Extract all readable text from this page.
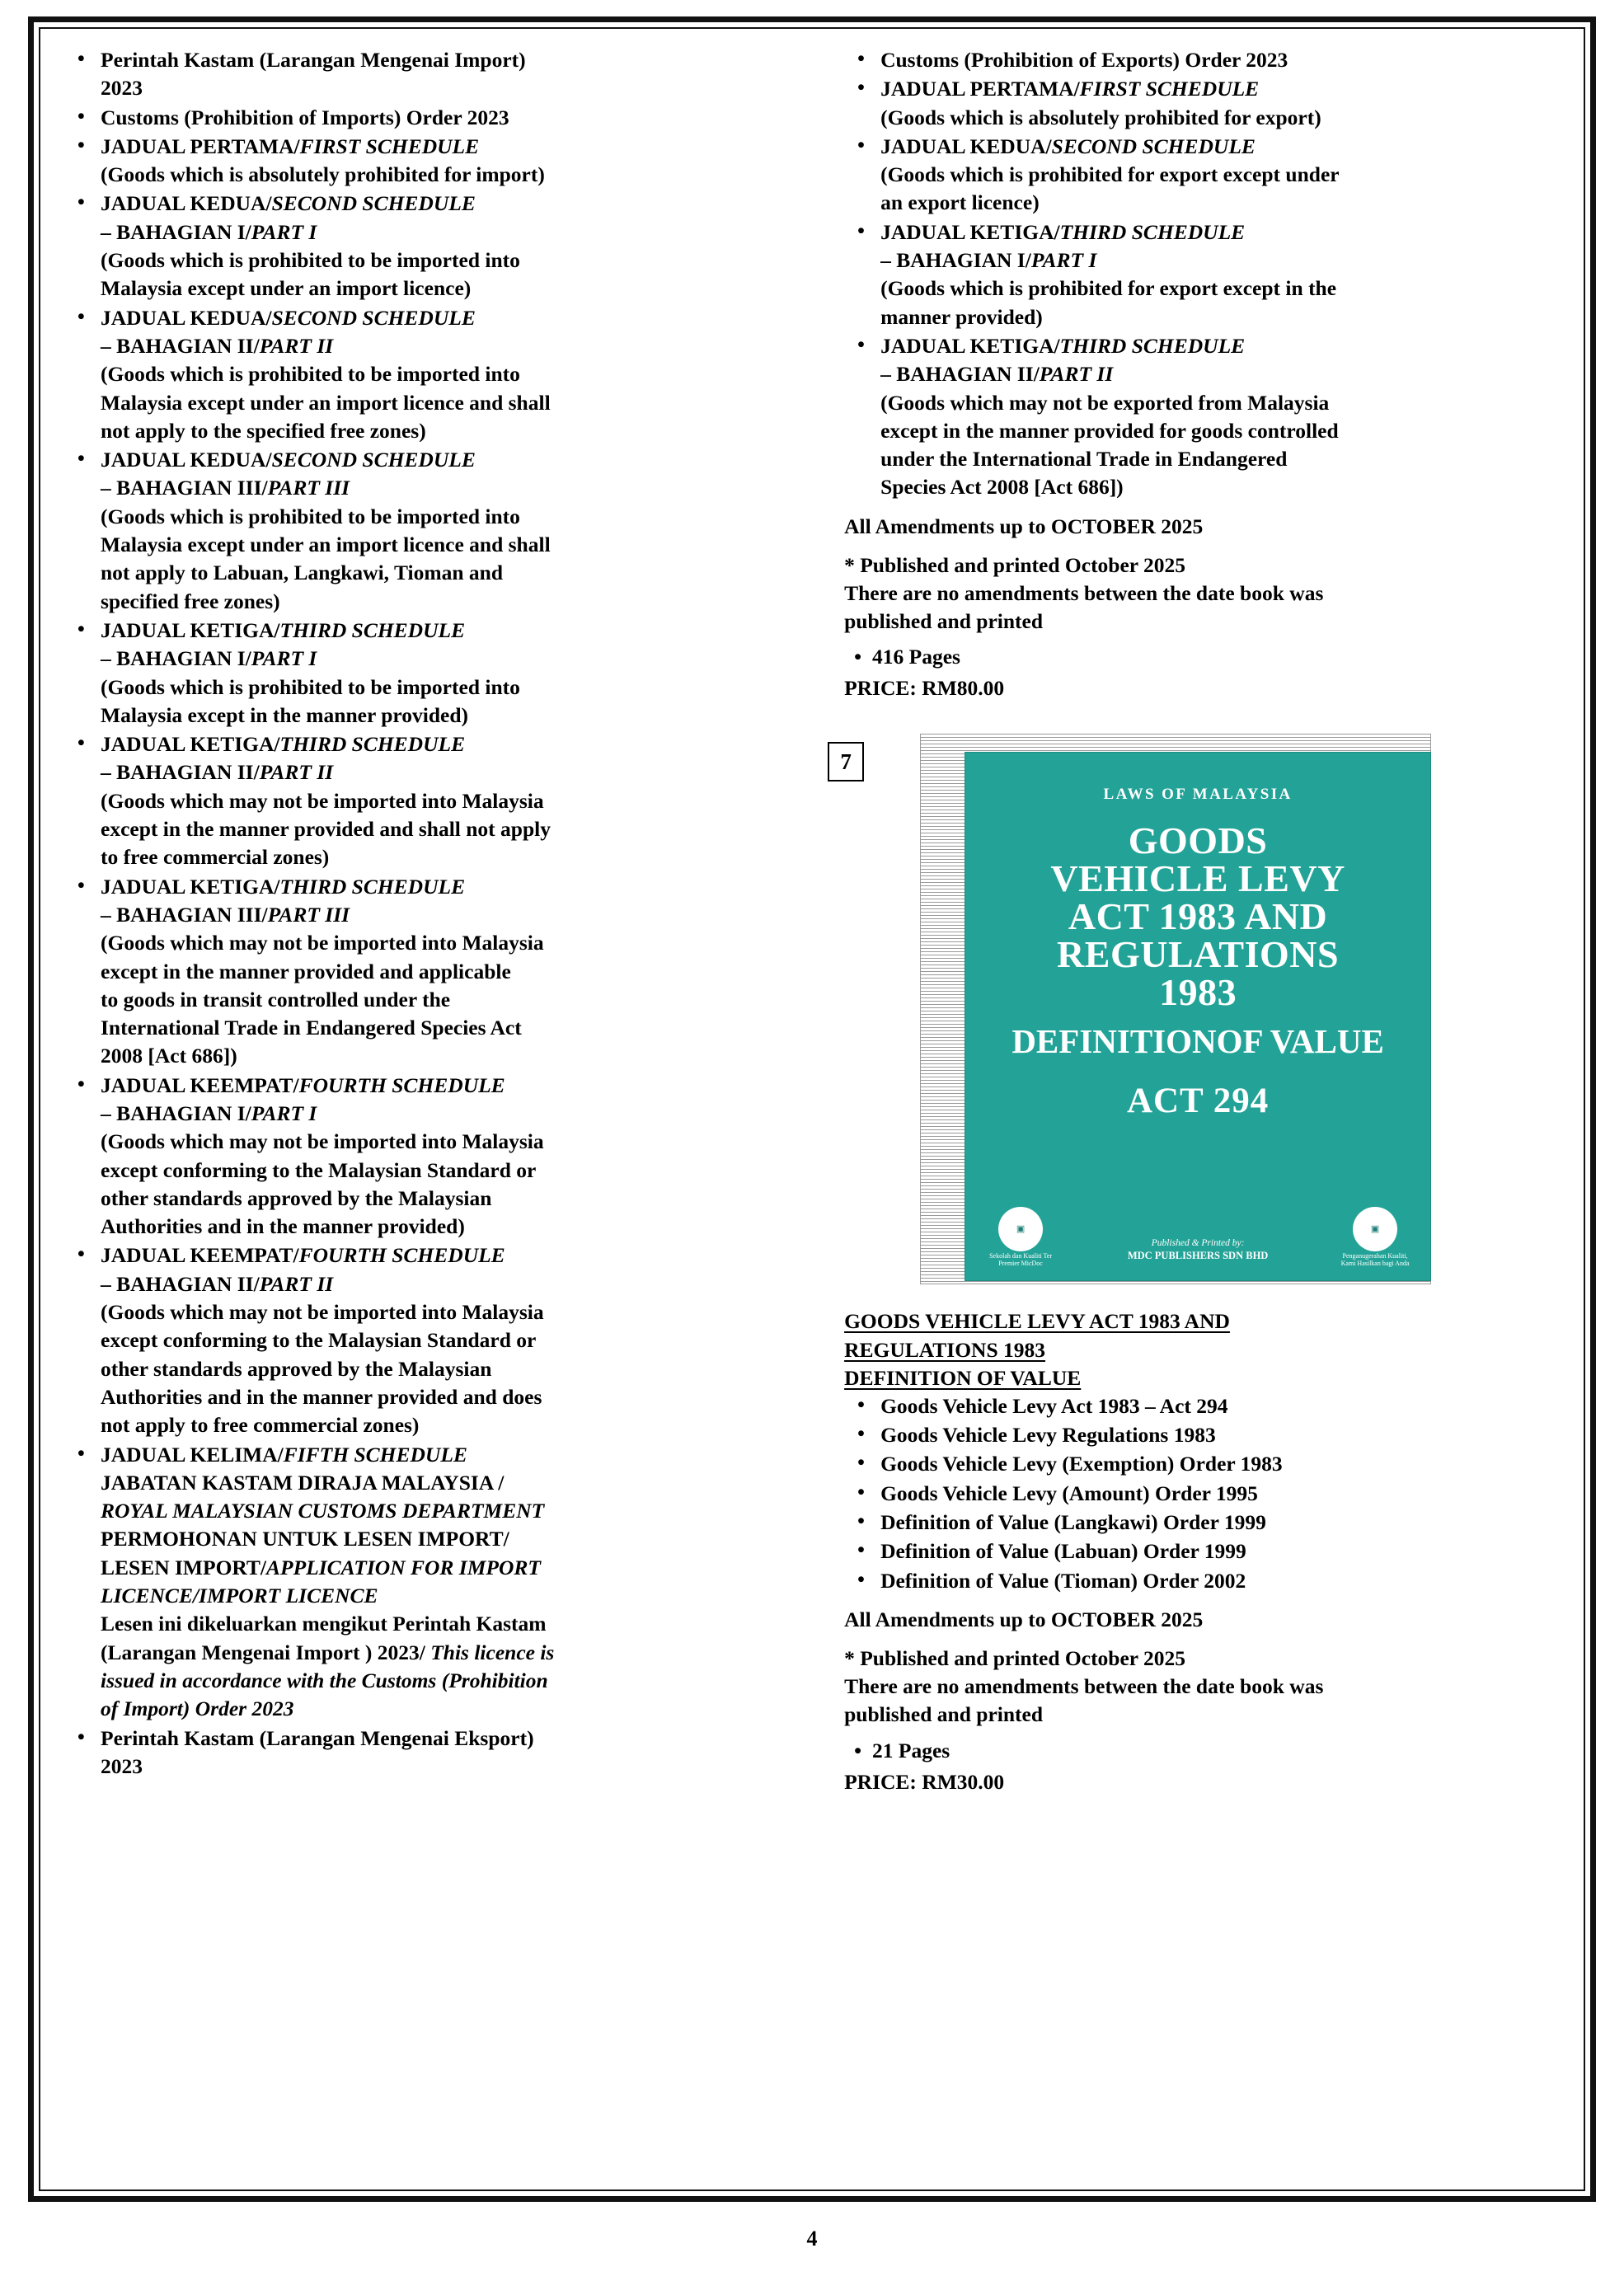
• Perintah Kastam (Larangan Mengenai Import)
2023
• Customs (Prohibition of Imports) Order 2023
• JADUAL PERTAMA/FIRST SCHEDULE
(Goods which is absolutely prohibited for import)
• JADUAL KEDUA/SECOND SCHEDULE
– BAHAGIAN I/PART I
(Goods which is prohibited to be imported into
Malaysia except under an import licence)
• JADUAL KEDUA/SECOND SCHEDULE
– BAHAGIAN II/PART II
(Goods which is prohibited to be imported into
Malaysia except under an import licence and shall
not apply to the specified free zones)
• JADUAL KEDUA/SECOND SCHEDULE
– BAHAGIAN III/PART III
(Goods which is prohibited to be imported into
Malaysia except under an import licence and shall
not apply to Labuan, Langkawi, Tioman and
specified free zones)
• JADUAL KETIGA/THIRD SCHEDULE
– BAHAGIAN I/PART I
(Goods which is prohibited to be imported into
Malaysia except in the manner provided)
• JADUAL KETIGA/THIRD SCHEDULE
– BAHAGIAN II/PART II
(Goods which may not be imported into Malaysia
except in the manner provided and shall not apply
to free commercial zones)
• JADUAL KETIGA/THIRD SCHEDULE
– BAHAGIAN III/PART III
(Goods which may not be imported into Malaysia
except in the manner provided and applicable
to goods in transit controlled under the
International Trade in Endangered Species Act
2008 [Act 686])
• JADUAL KEEMPAT/FOURTH SCHEDULE
– BAHAGIAN I/PART I
(Goods which may not be imported into Malaysia
except conforming to the Malaysian Standard or
other standards approved by the Malaysian
Authorities and in the manner provided)
• JADUAL KEEMPAT/FOURTH SCHEDULE
– BAHAGIAN II/PART II
(Goods which may not be imported into Malaysia
except conforming to the Malaysian Standard or
other standards approved by the Malaysian
Authorities and in the manner provided and does
not apply to free commercial zones)
• JADUAL KELIMA/FIFTH SCHEDULE
JABATAN KASTAM DIRAJA MALAYSIA /
ROYAL MALAYSIAN CUSTOMS DEPARTMENT
PERMOHONAN UNTUK LESEN IMPORT/
LESEN IMPORT/APPLICATION FOR IMPORT
LICENCE/IMPORT LICENCE
Lesen ini dikeluarkan mengikut Perintah Kastam
(Larangan Mengenai Import ) 2023/ This licence is
issued in accordance with the Customs (Prohibition
of Import) Order 2023
• Perintah Kastam (Larangan Mengenai Eksport)
2023
• Customs (Prohibition of Exports) Order 2023
• JADUAL PERTAMA/FIRST SCHEDULE
(Goods which is absolutely prohibited for export)
• JADUAL KEDUA/SECOND SCHEDULE
(Goods which is prohibited for export except under
an export licence)
• JADUAL KETIGA/THIRD SCHEDULE
– BAHAGIAN I/PART I
(Goods which is prohibited for export except in the
manner provided)
• JADUAL KETIGA/THIRD SCHEDULE
– BAHAGIAN II/PART II
(Goods which may not be exported from Malaysia
except in the manner provided for goods controlled
under the International Trade in Endangered
Species Act 2008 [Act 686])
All Amendments up to OCTOBER 2025
* Published and printed October 2025
There are no amendments between the date book was
published and printed
• 416 Pages
PRICE: RM80.00
7
LAWS OF MALAYSIA
GOODS
VEHICLE LEVY
ACT 1983 AND
REGULATIONS
1983
DEFINITIONOF VALUE
ACT 294
▣
Sekolah dan Kualiti Ter Premier MicDoc
Published & Printed by:
MDC PUBLISHERS SDN BHD
▣
Penganugerahan Kualiti, Kami Hasilkan bagi Anda
GOODS VEHICLE LEVY ACT 1983 AND
REGULATIONS 1983
DEFINITION OF VALUE
• Goods Vehicle Levy Act 1983 – Act 294
• Goods Vehicle Levy Regulations 1983
• Goods Vehicle Levy (Exemption) Order 1983
• Goods Vehicle Levy (Amount) Order 1995
• Definition of Value (Langkawi) Order 1999
• Definition of Value (Labuan) Order 1999
• Definition of Value (Tioman) Order 2002
All Amendments up to OCTOBER 2025
* Published and printed October 2025
There are no amendments between the date book was
published and printed
• 21 Pages
PRICE: RM30.00
4
